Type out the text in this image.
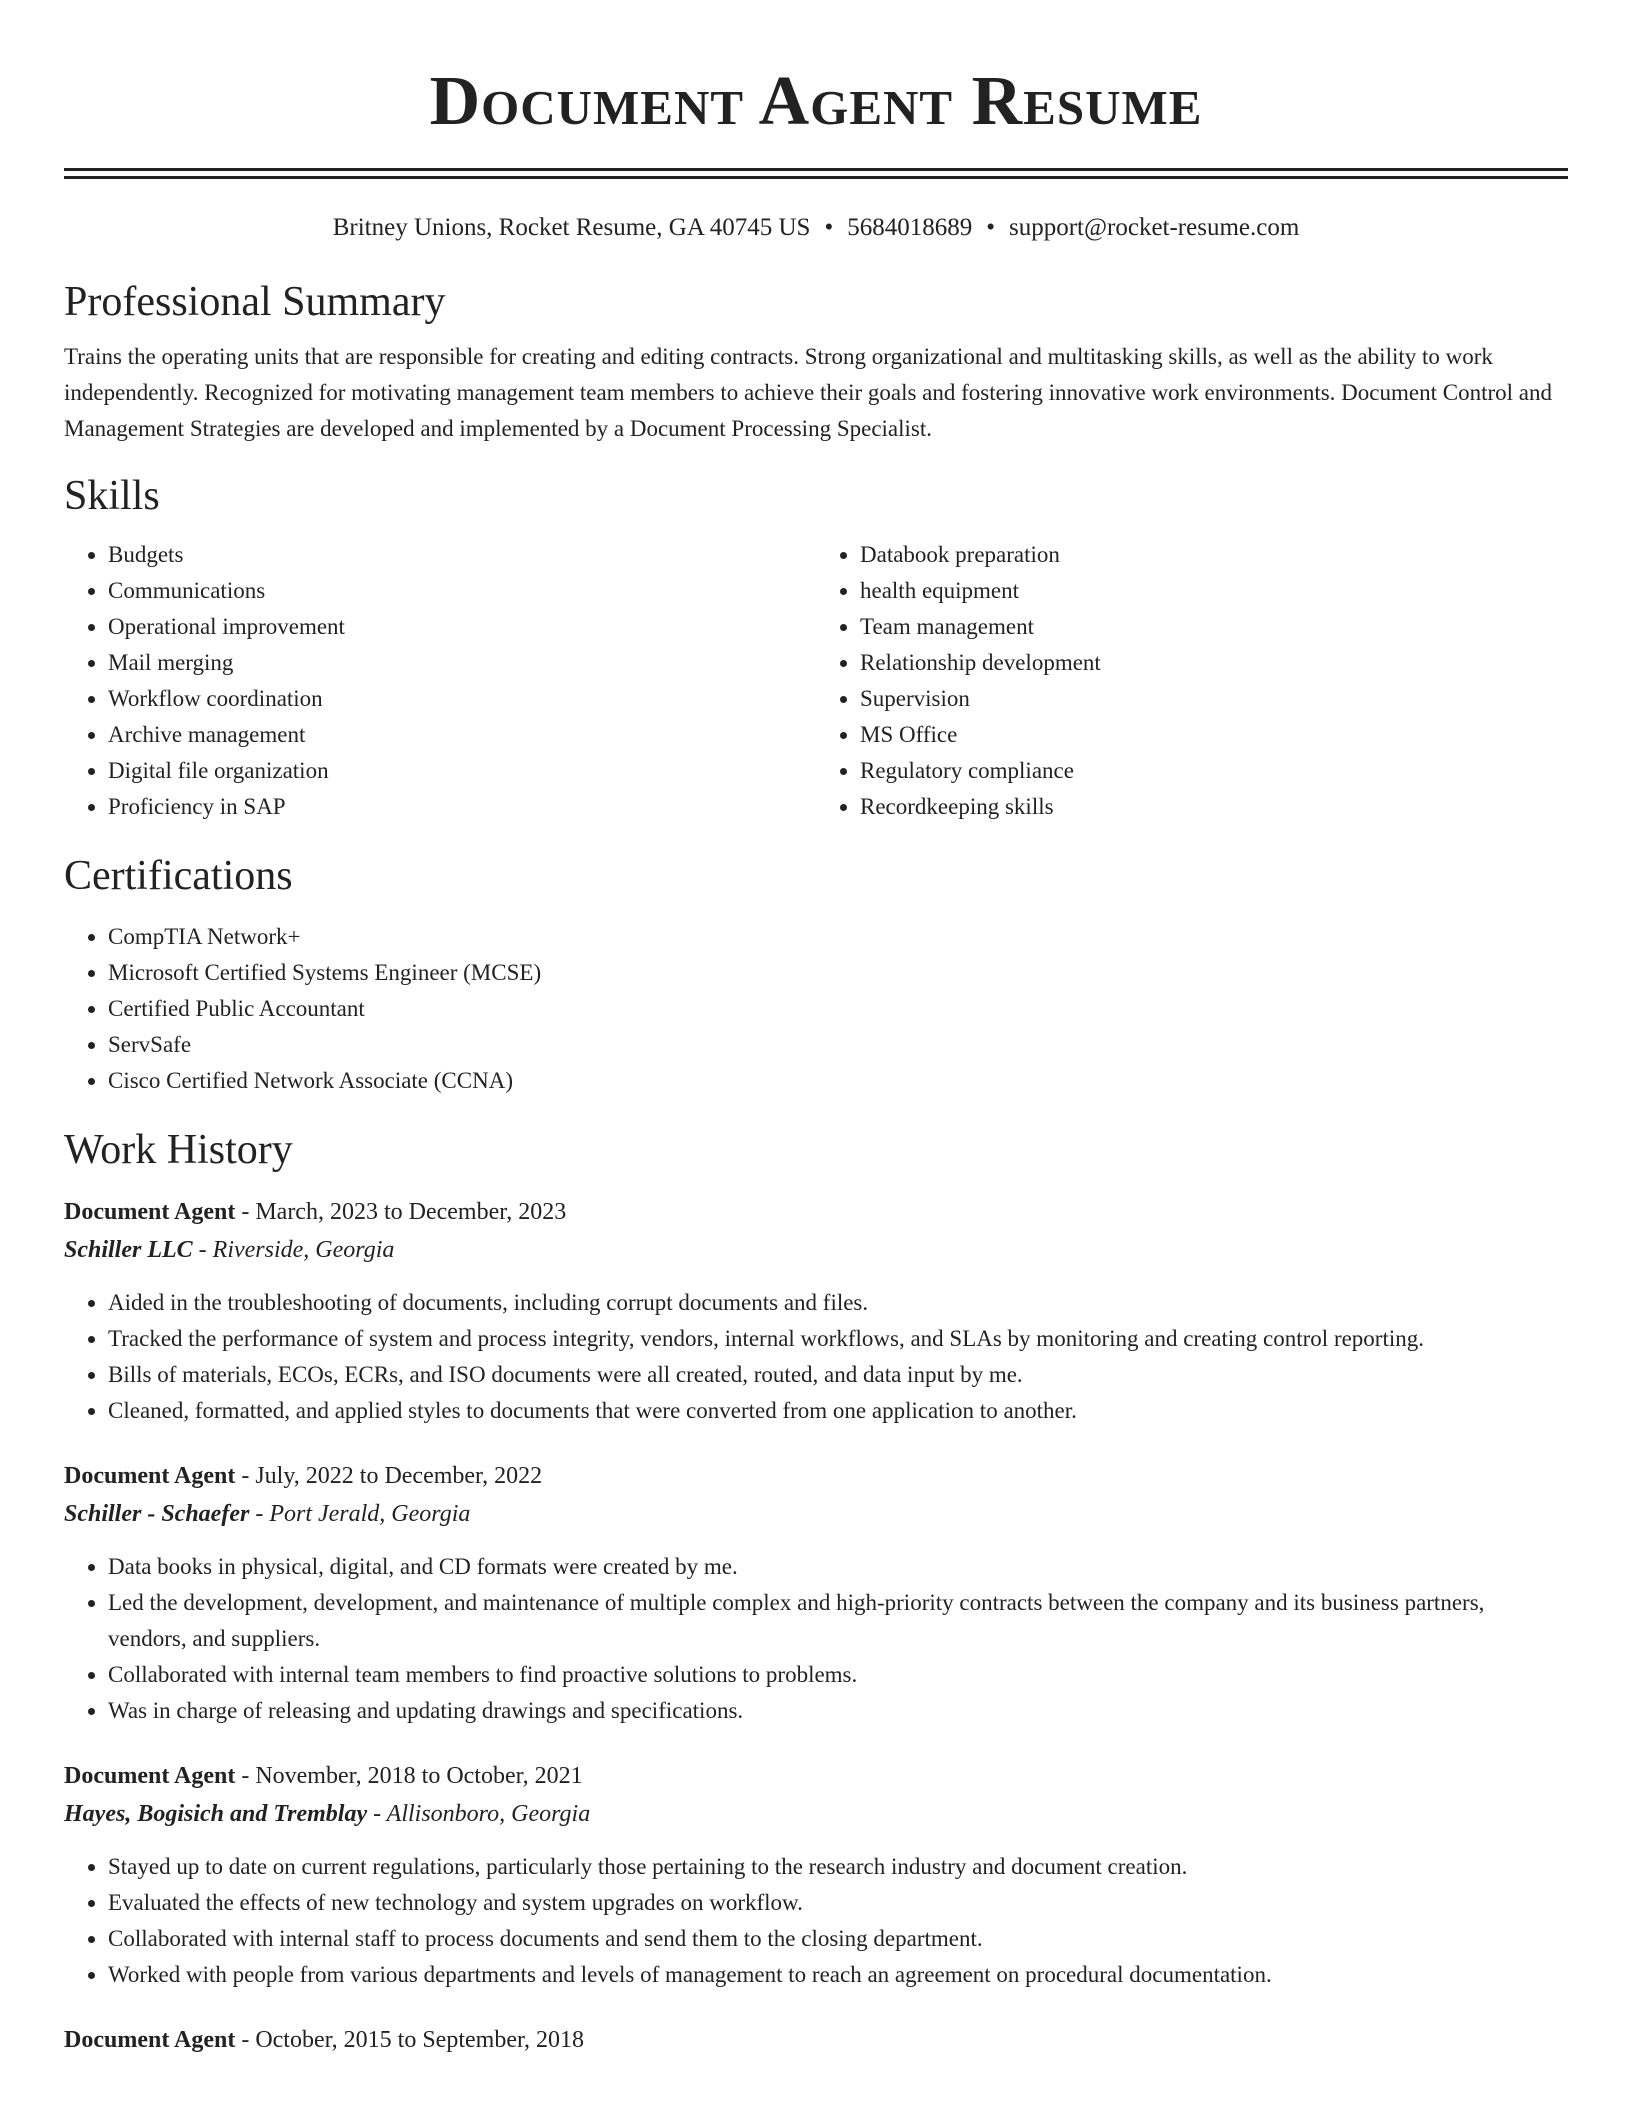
Document Agent Resume
Britney Unions, Rocket Resume, GA 40745 US • 5684018689 • support@rocket-resume.com
Professional Summary

Trains the operating units that are responsible for creating and editing contracts. Strong organizational and multitasking skills, as well as the ability to work independently. Recognized for motivating management team members to achieve their goals and fostering innovative work environments. Document Control and Management Strategies are developed and implemented by a Document Processing Specialist.

Skills
• Budgets
• Communications
• Operational improvement
• Mail merging
• Workflow coordination
• Archive management
• Digital file organization
• Proficiency in SAP
• Databook preparation
• health equipment
• Team management
• Relationship development
• Supervision
• MS Office
• Regulatory compliance
• Recordkeeping skills
Certifications
• CompTIA Network+
• Microsoft Certified Systems Engineer (MCSE)
• Certified Public Accountant
• ServSafe
• Cisco Certified Network Associate (CCNA)
Work History
Document Agent - March, 2023 to December, 2023
Schiller LLC - Riverside, Georgia
• Aided in the troubleshooting of documents, including corrupt documents and files.
• Tracked the performance of system and process integrity, vendors, internal workflows, and SLAs by monitoring and creating control reporting.
• Bills of materials, ECOs, ECRs, and ISO documents were all created, routed, and data input by me.
• Cleaned, formatted, and applied styles to documents that were converted from one application to another.
Document Agent - July, 2022 to December, 2022
Schiller - Schaefer - Port Jerald, Georgia
• Data books in physical, digital, and CD formats were created by me.
• Led the development, development, and maintenance of multiple complex and high-priority contracts between the company and its business partners, vendors, and suppliers.
• Collaborated with internal team members to find proactive solutions to problems.
• Was in charge of releasing and updating drawings and specifications.
Document Agent - November, 2018 to October, 2021
Hayes, Bogisich and Tremblay - Allisonboro, Georgia
• Stayed up to date on current regulations, particularly those pertaining to the research industry and document creation.
• Evaluated the effects of new technology and system upgrades on workflow.
• Collaborated with internal staff to process documents and send them to the closing department.
• Worked with people from various departments and levels of management to reach an agreement on procedural documentation.
Document Agent - October, 2015 to September, 2018
